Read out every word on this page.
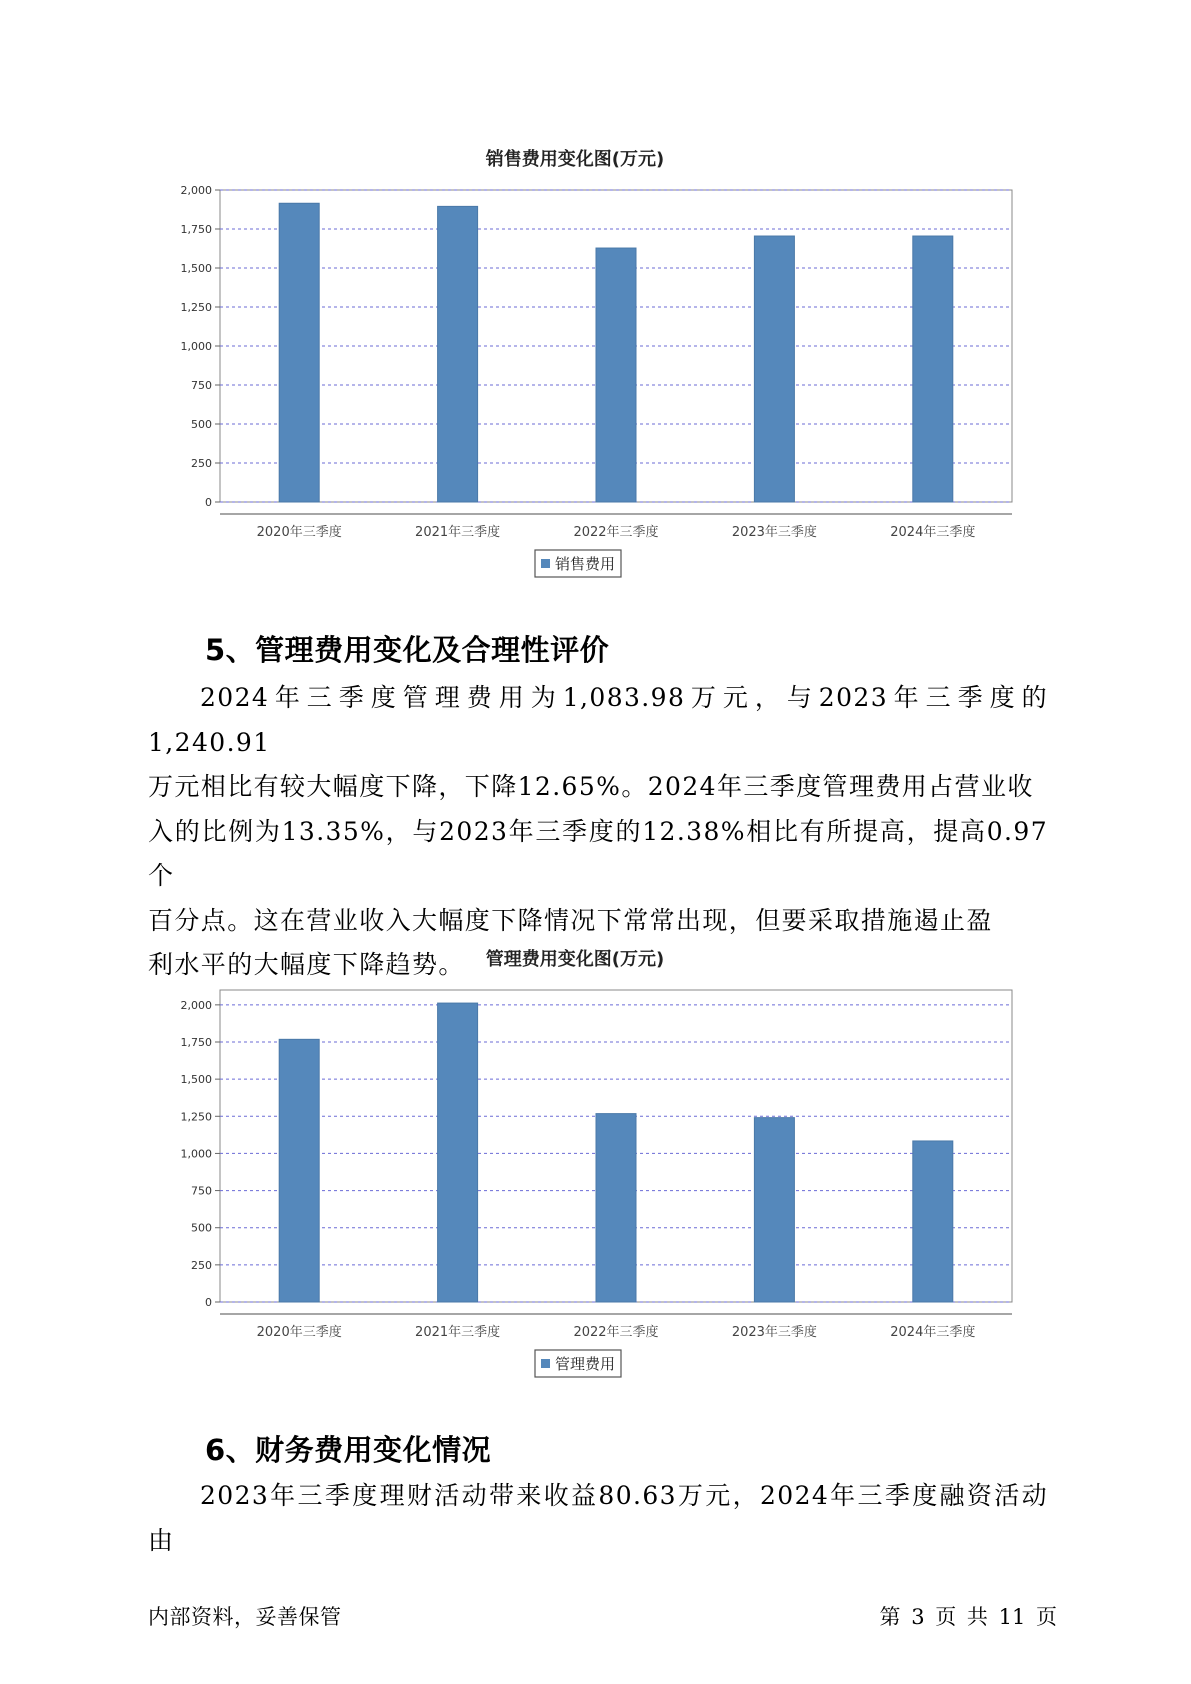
销售费用变化图(万元)
0
250
500
750
1,000
1,250
1,500
1,750
2,000
2020年三季度	2021年三季度	2022年三季度	2023年三季度	2024年三季度
销售费用
5、管理费用变化及合理性评价

2024年三季度管理费用为1,083.98万元，与2023年三季度的1,240.91

万元相比有较大幅度下降，下降12.65%。2024年三季度管理费用占营业收

入的比例为13.35%，与2023年三季度的12.38%相比有所提高，提高0.97个

百分点。这在营业收入大幅度下降情况下常常出现，但要采取措施遏止盈

利水平的大幅度下降趋势。	管理费用变化图(万元)
0
250
500
750
1,000
1,250
1,500
1,750
2,000
2020年三季度	2021年三季度	2022年三季度	2023年三季度	2024年三季度
管理费用
6、财务费用变化情况

2023年三季度理财活动带来收益80.63万元，2024年三季度融资活动由

内部资料，妥善保管	第 3 页 共 11 页
